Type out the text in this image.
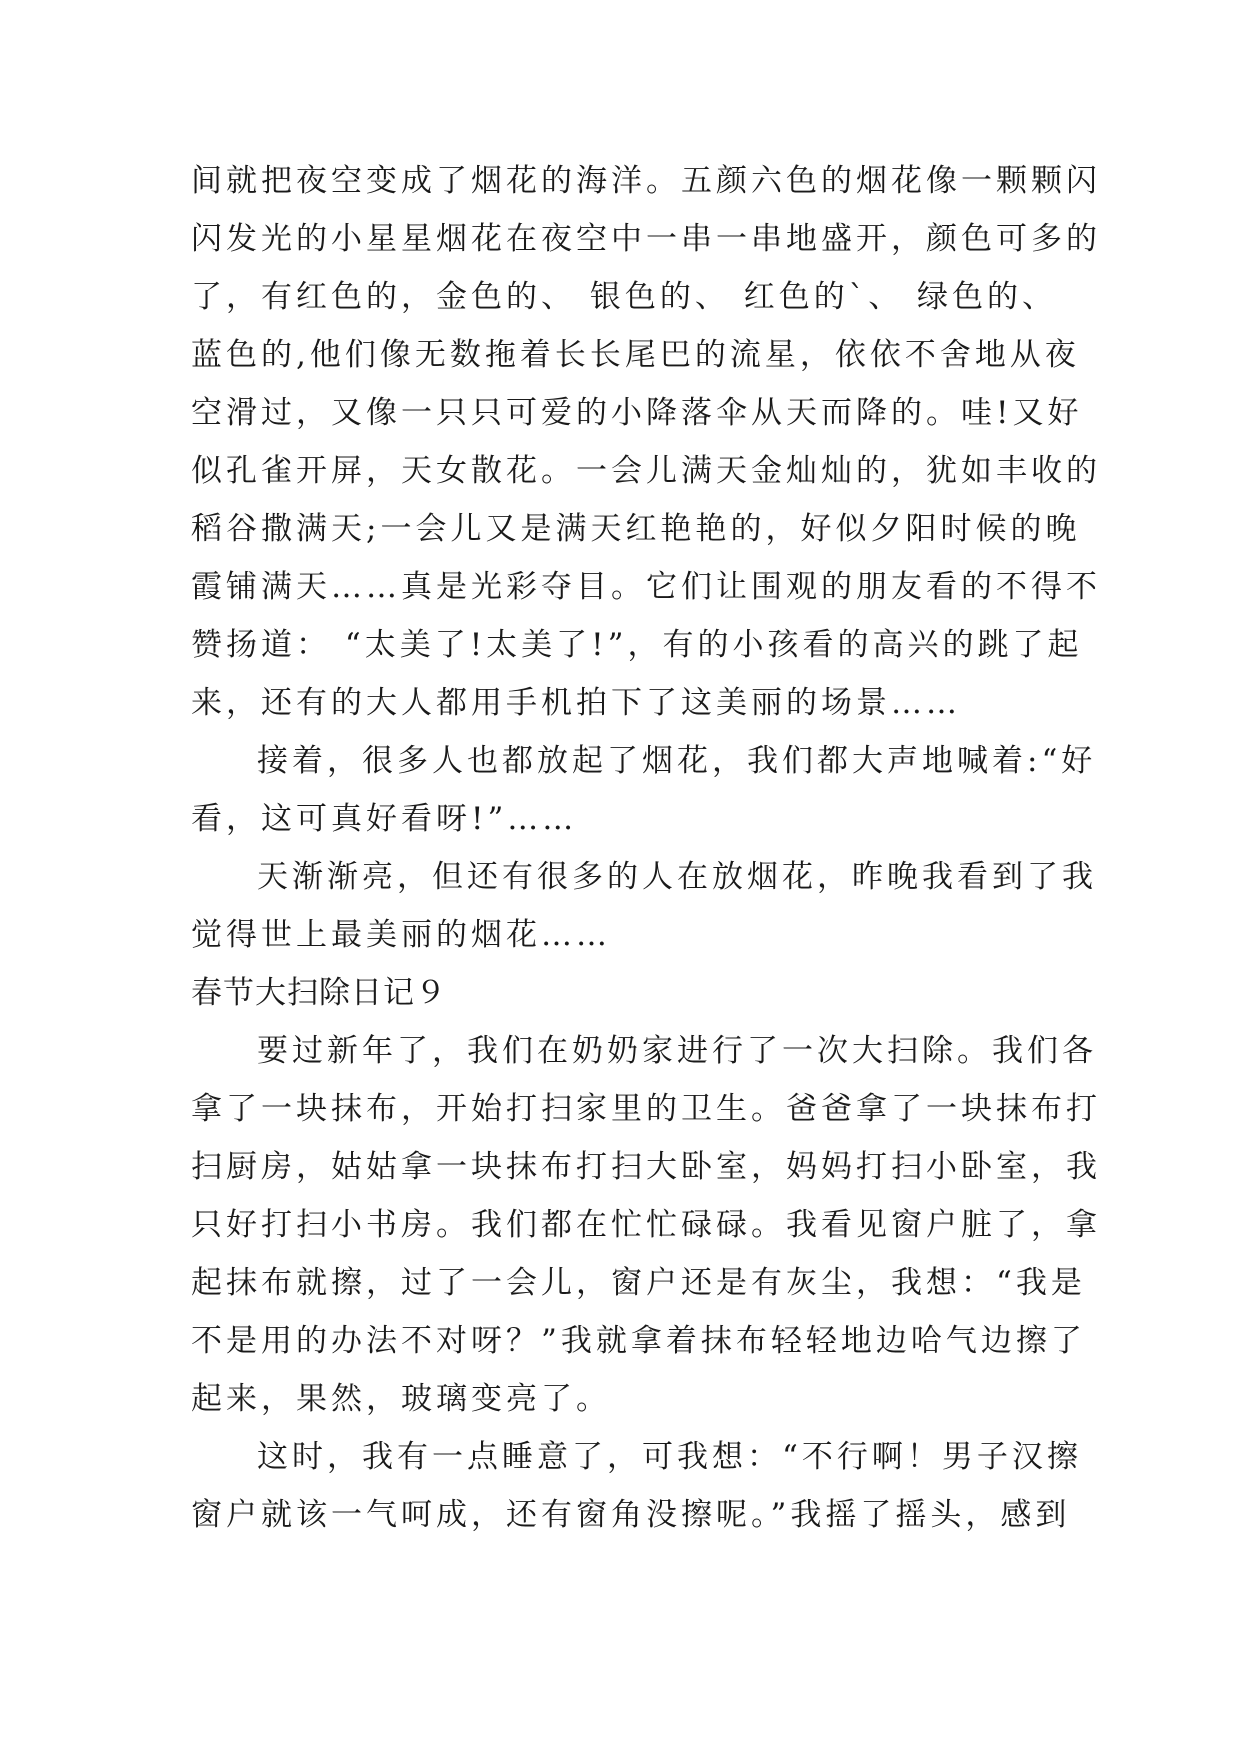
间就把夜空变成了烟花的海洋。五颜六色的烟花像一颗颗闪
闪发光的小星星烟花在夜空中一串一串地盛开，颜色可多的
了，有红色的，金色的、 银色的、 红色的`、 绿色的、
蓝色的,他们像无数拖着长长尾巴的流星，依依不舍地从夜
空滑过，又像一只只可爱的小降落伞从天而降的。哇!又好
似孔雀开屏，天女散花。一会儿满天金灿灿的，犹如丰收的
稻谷撒满天;一会儿又是满天红艳艳的，好似夕阳时候的晚
霞铺满天……真是光彩夺目。它们让围观的朋友看的不得不
赞扬道： “太美了!太美了!”，有的小孩看的高兴的跳了起
来，还有的大人都用手机拍下了这美丽的场景……
接着，很多人也都放起了烟花，我们都大声地喊着:“好
看，这可真好看呀!”……
天渐渐亮，但还有很多的人在放烟花，昨晚我看到了我
觉得世上最美丽的烟花……
春节大扫除日记９
要过新年了，我们在奶奶家进行了一次大扫除。我们各
拿了一块抹布，开始打扫家里的卫生。爸爸拿了一块抹布打
扫厨房，姑姑拿一块抹布打扫大卧室，妈妈打扫小卧室，我
只好打扫小书房。我们都在忙忙碌碌。我看见窗户脏了，拿
起抹布就擦，过了一会儿，窗户还是有灰尘，我想：“我是
不是用的办法不对呀？”我就拿着抹布轻轻地边哈气边擦了
起来，果然，玻璃变亮了。
这时，我有一点睡意了，可我想：“不行啊！男子汉擦
窗户就该一气呵成，还有窗角没擦呢。”我摇了摇头，感到
